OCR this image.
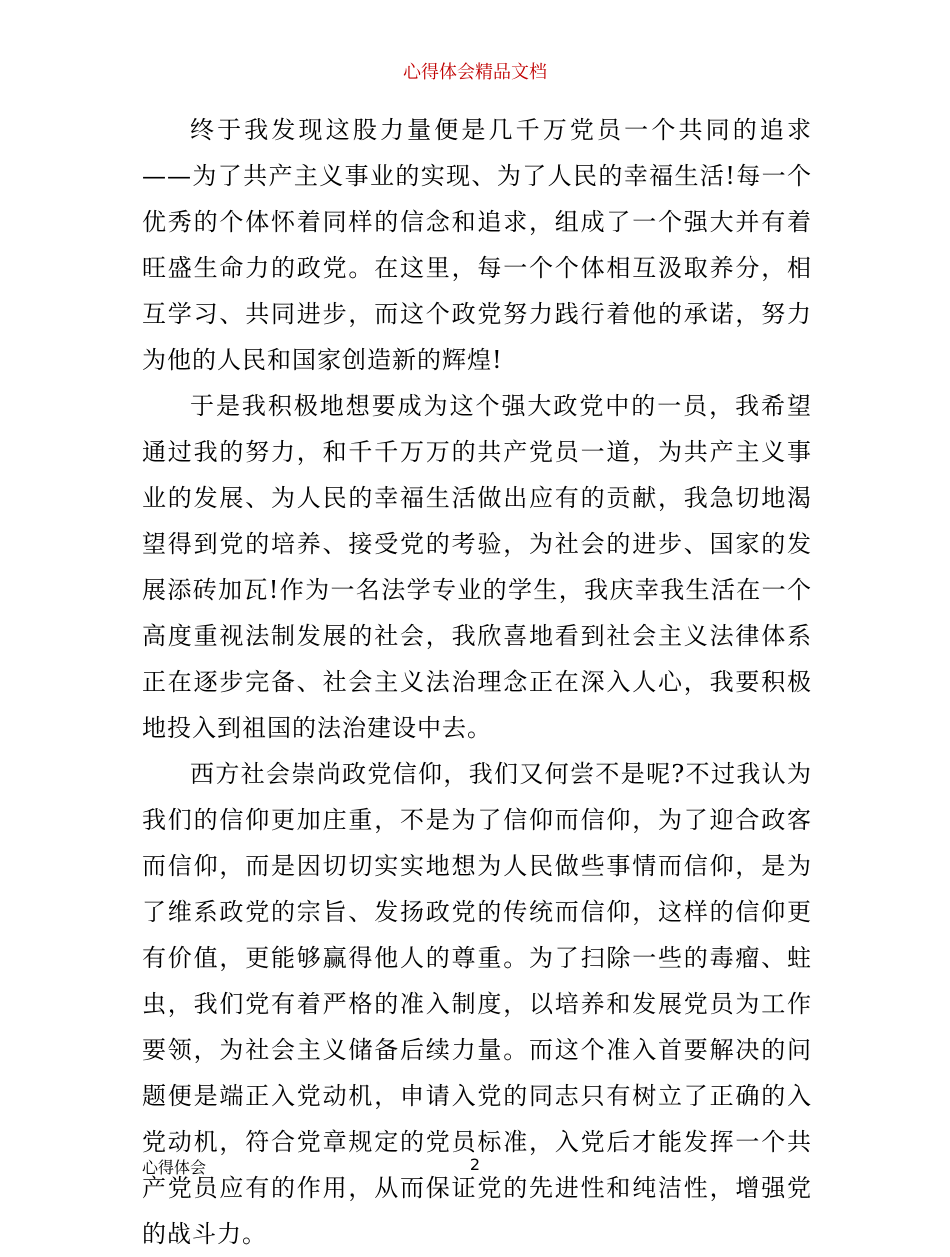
心得体会精品文档

终于我发现这股力量便是几千万党员一个共同的追求——为了共产主义事业的实现、为了人民的幸福生活!每一个优秀的个体怀着同样的信念和追求，组成了一个强大并有着旺盛生命力的政党。在这里，每一个个体相互汲取养分，相互学习、共同进步，而这个政党努力践行着他的承诺，努力为他的人民和国家创造新的辉煌!

于是我积极地想要成为这个强大政党中的一员，我希望通过我的努力，和千千万万的共产党员一道，为共产主义事业的发展、为人民的幸福生活做出应有的贡献，我急切地渴望得到党的培养、接受党的考验，为社会的进步、国家的发展添砖加瓦!作为一名法学专业的学生，我庆幸我生活在一个高度重视法制发展的社会，我欣喜地看到社会主义法律体系正在逐步完备、社会主义法治理念正在深入人心，我要积极地投入到祖国的法治建设中去。

西方社会崇尚政党信仰，我们又何尝不是呢?不过我认为我们的信仰更加庄重，不是为了信仰而信仰，为了迎合政客而信仰，而是因切切实实地想为人民做些事情而信仰，是为了维系政党的宗旨、发扬政党的传统而信仰，这样的信仰更有价值，更能够赢得他人的尊重。为了扫除一些的毒瘤、蛀虫，我们党有着严格的准入制度，以培养和发展党员为工作要领，为社会主义储备后续力量。而这个准入首要解决的问题便是端正入党动机，申请入党的同志只有树立了正确的入党动机，符合党章规定的党员标准，入党后才能发挥一个共产党员应有的作用，从而保证党的先进性和纯洁性，增强党的战斗力。

心得体会	2
